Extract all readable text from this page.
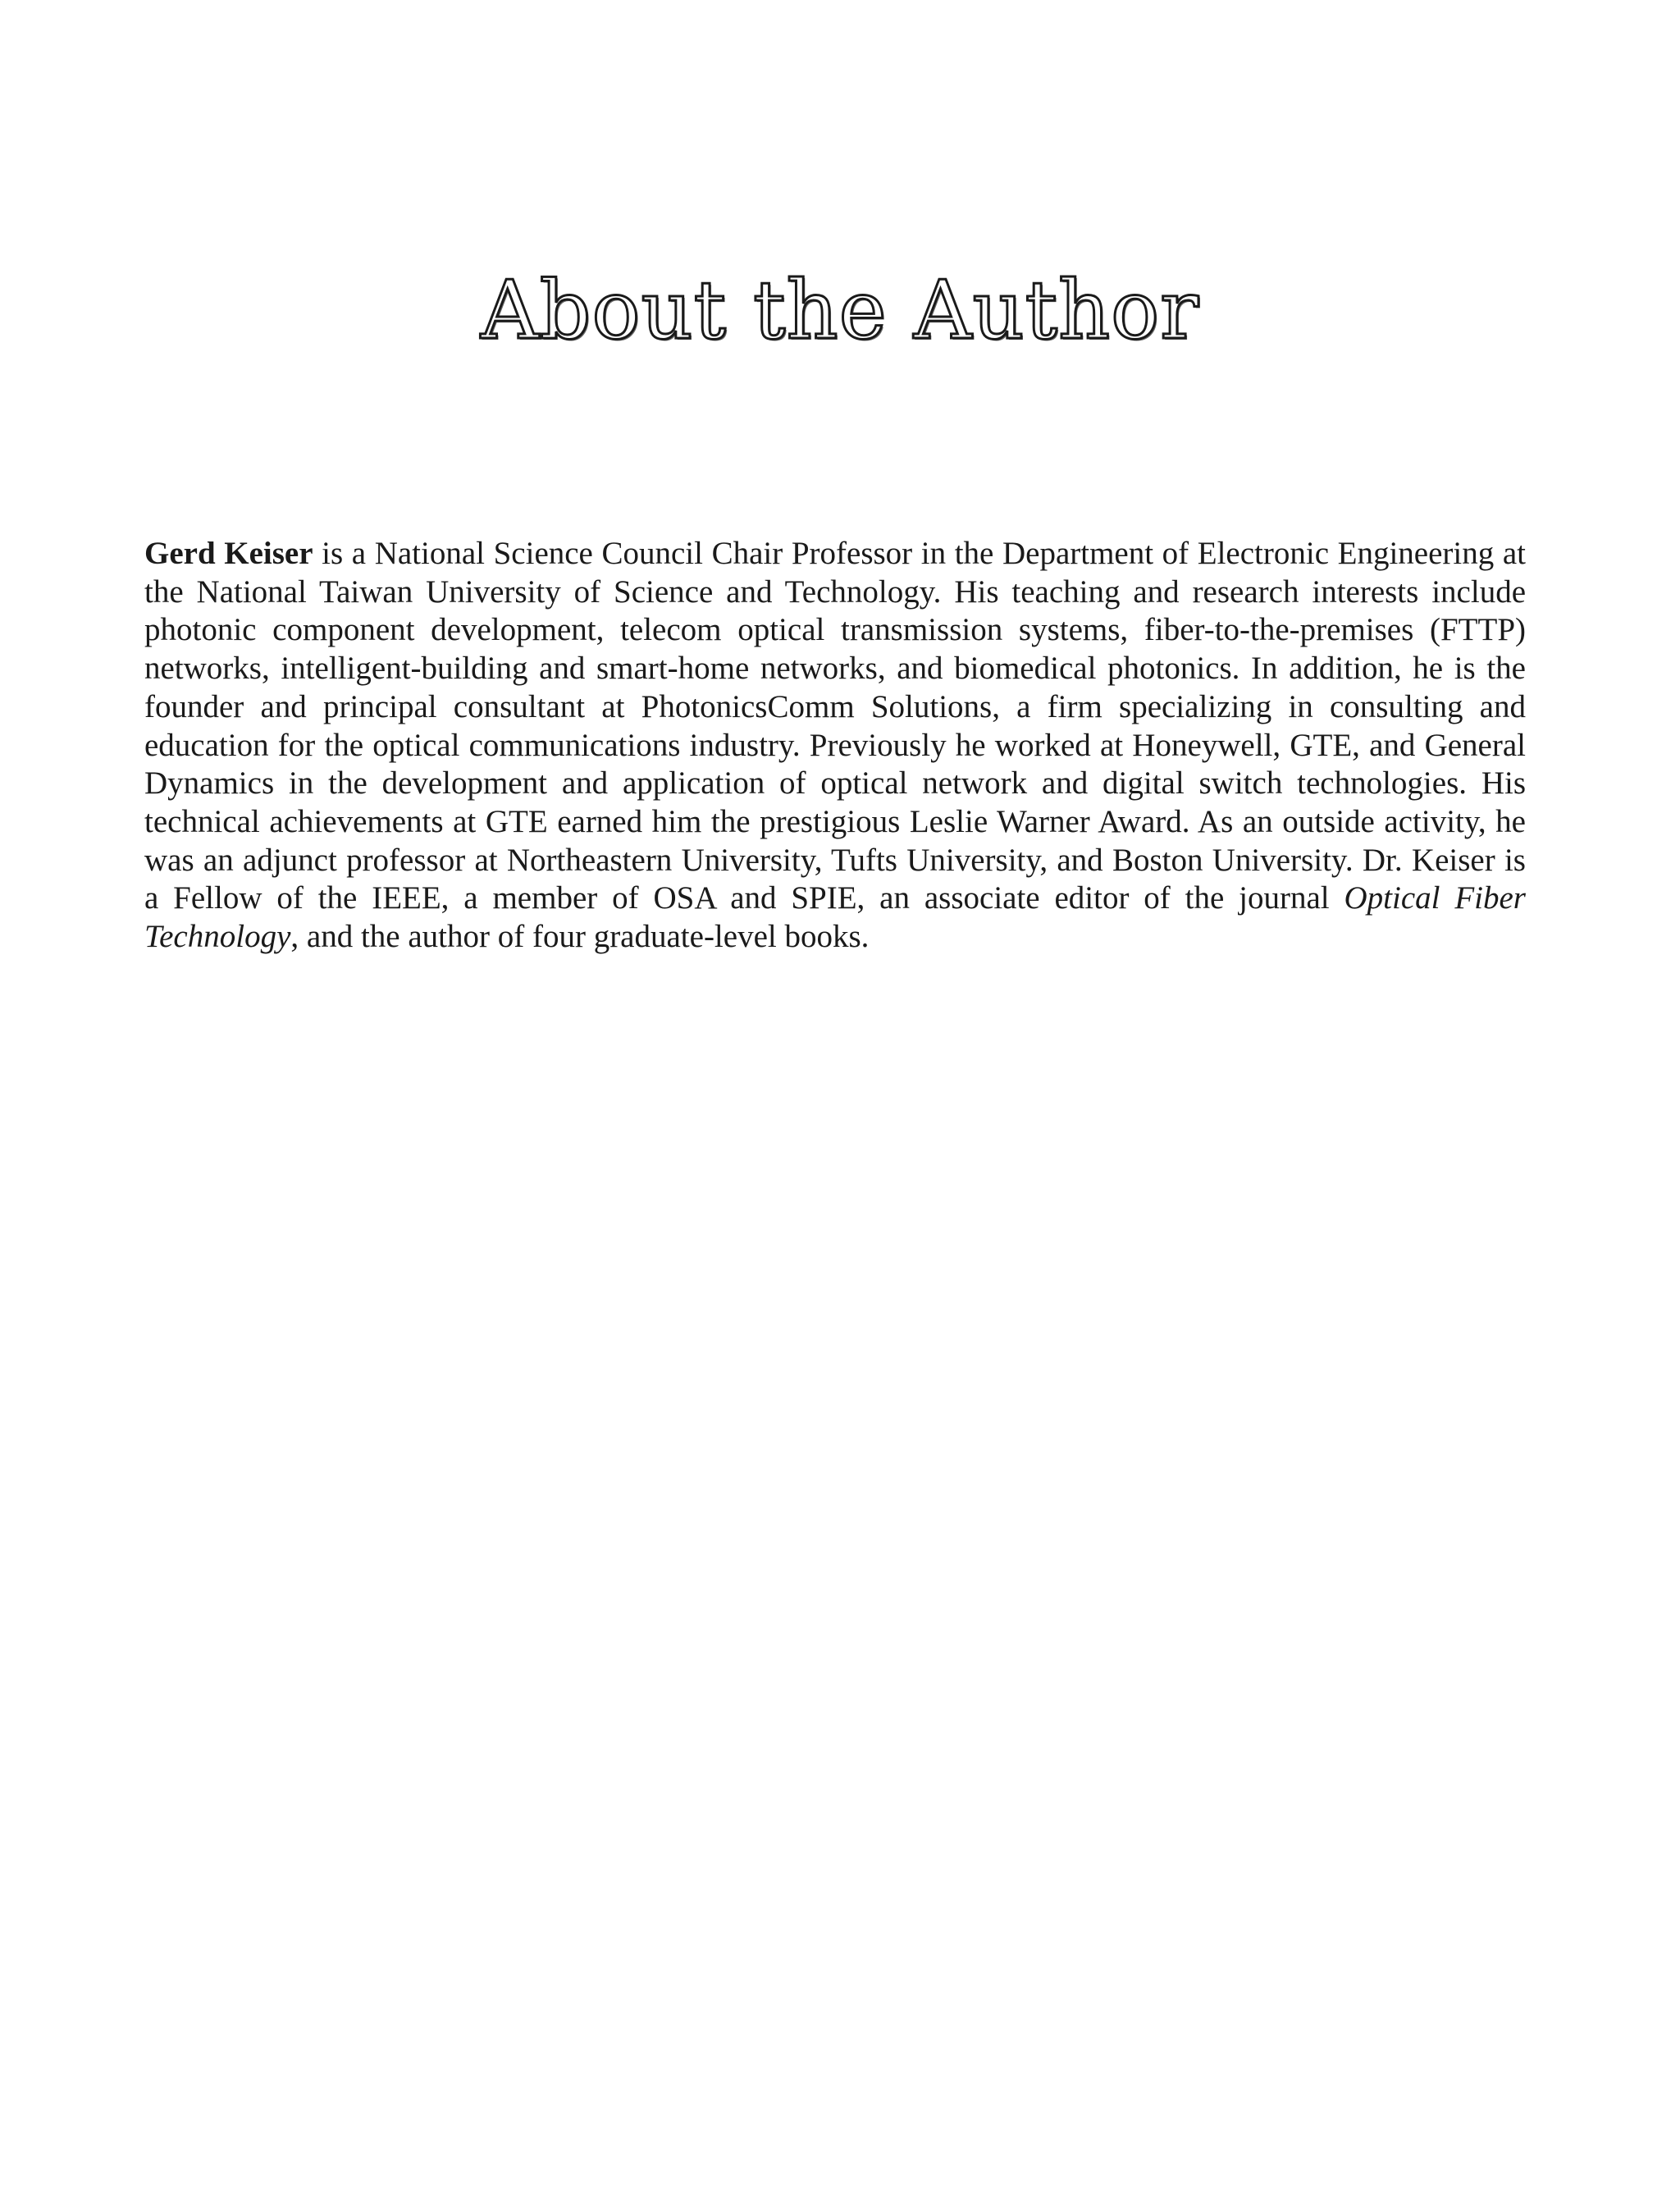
About the Author

Gerd Keiser is a National Science Council Chair Professor in the Department of Electronic Engineering at the National Taiwan University of Science and Technology. His teaching and research interests include photonic component development, telecom optical transmission systems, fiber-to-the-premises (FTTP) networks, intelligent-building and smart-home networks, and biomedical photonics. In addition, he is the founder and principal consultant at PhotonicsComm Solutions, a firm specializing in consulting and education for the optical communications industry. Previously he worked at Honeywell, GTE, and General Dynamics in the development and application of optical network and digital switch technologies. His technical achievements at GTE earned him the prestigious Leslie Warner Award. As an outside activity, he was an adjunct professor at Northeastern University, Tufts University, and Boston University. Dr. Keiser is a Fellow of the IEEE, a member of OSA and SPIE, an associate editor of the journal Optical Fiber Technology, and the author of four graduate-level books.
